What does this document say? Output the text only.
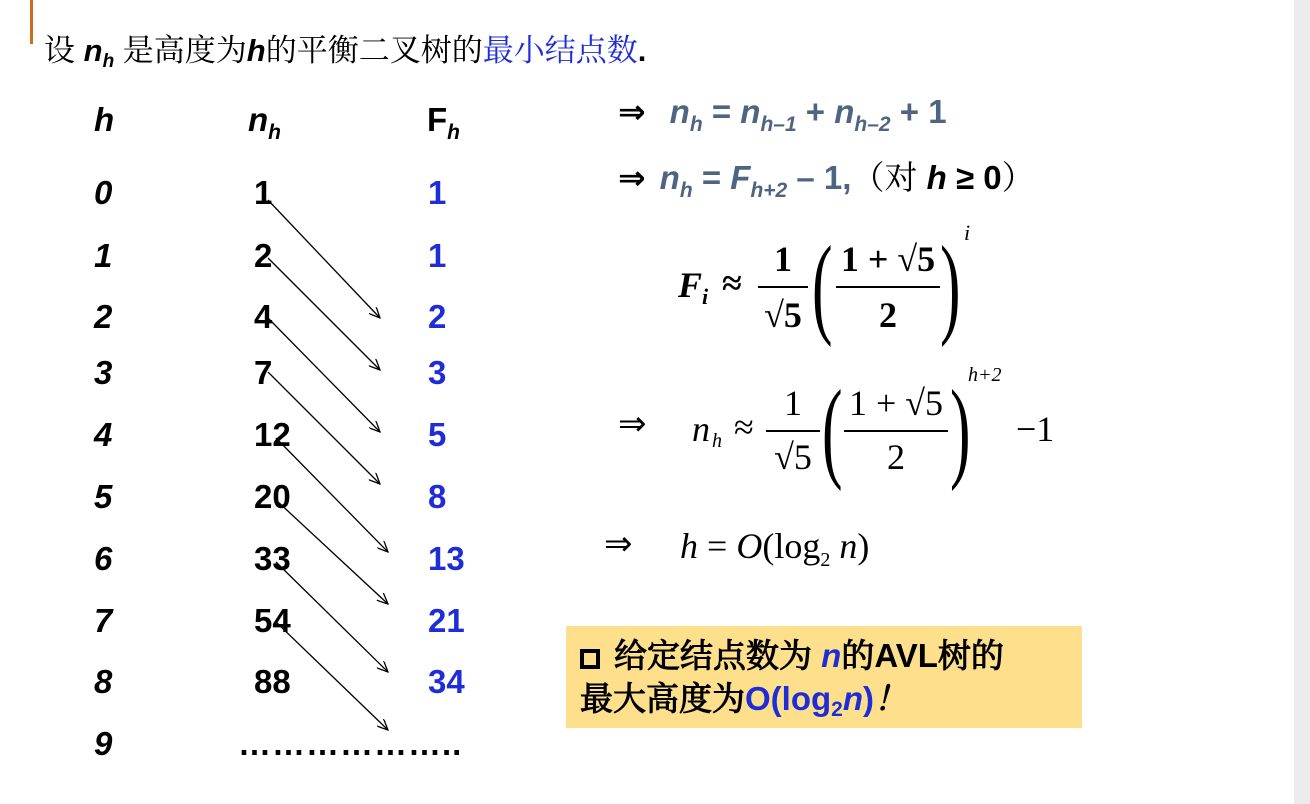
设 $n_h$ 是高度为h的平衡二叉树的最小结点数.
h	$n_h$	$F_h$
0
1
2
3
4
5
6
7
8
9
1
2
4
7
12
20
33
54
88
………………..
1
1
2
3
5
8
13
21
34
⇒ $n_h = n_{h-1} + n_{h-2} + 1$
⇒ $n_h = F_{h+2} - 1$,（对 h ≥ 0）
F i ≈
1
√5 ( 1 + √5
2 ) i
⇒ n h ≈
1
√5 ( 1 + √5
2 )
h+2
−1
⇒ $h = O(\log_2$ n)
给定结点数为 n的AVL树的
最大高度为$O(\log_2n)$！
